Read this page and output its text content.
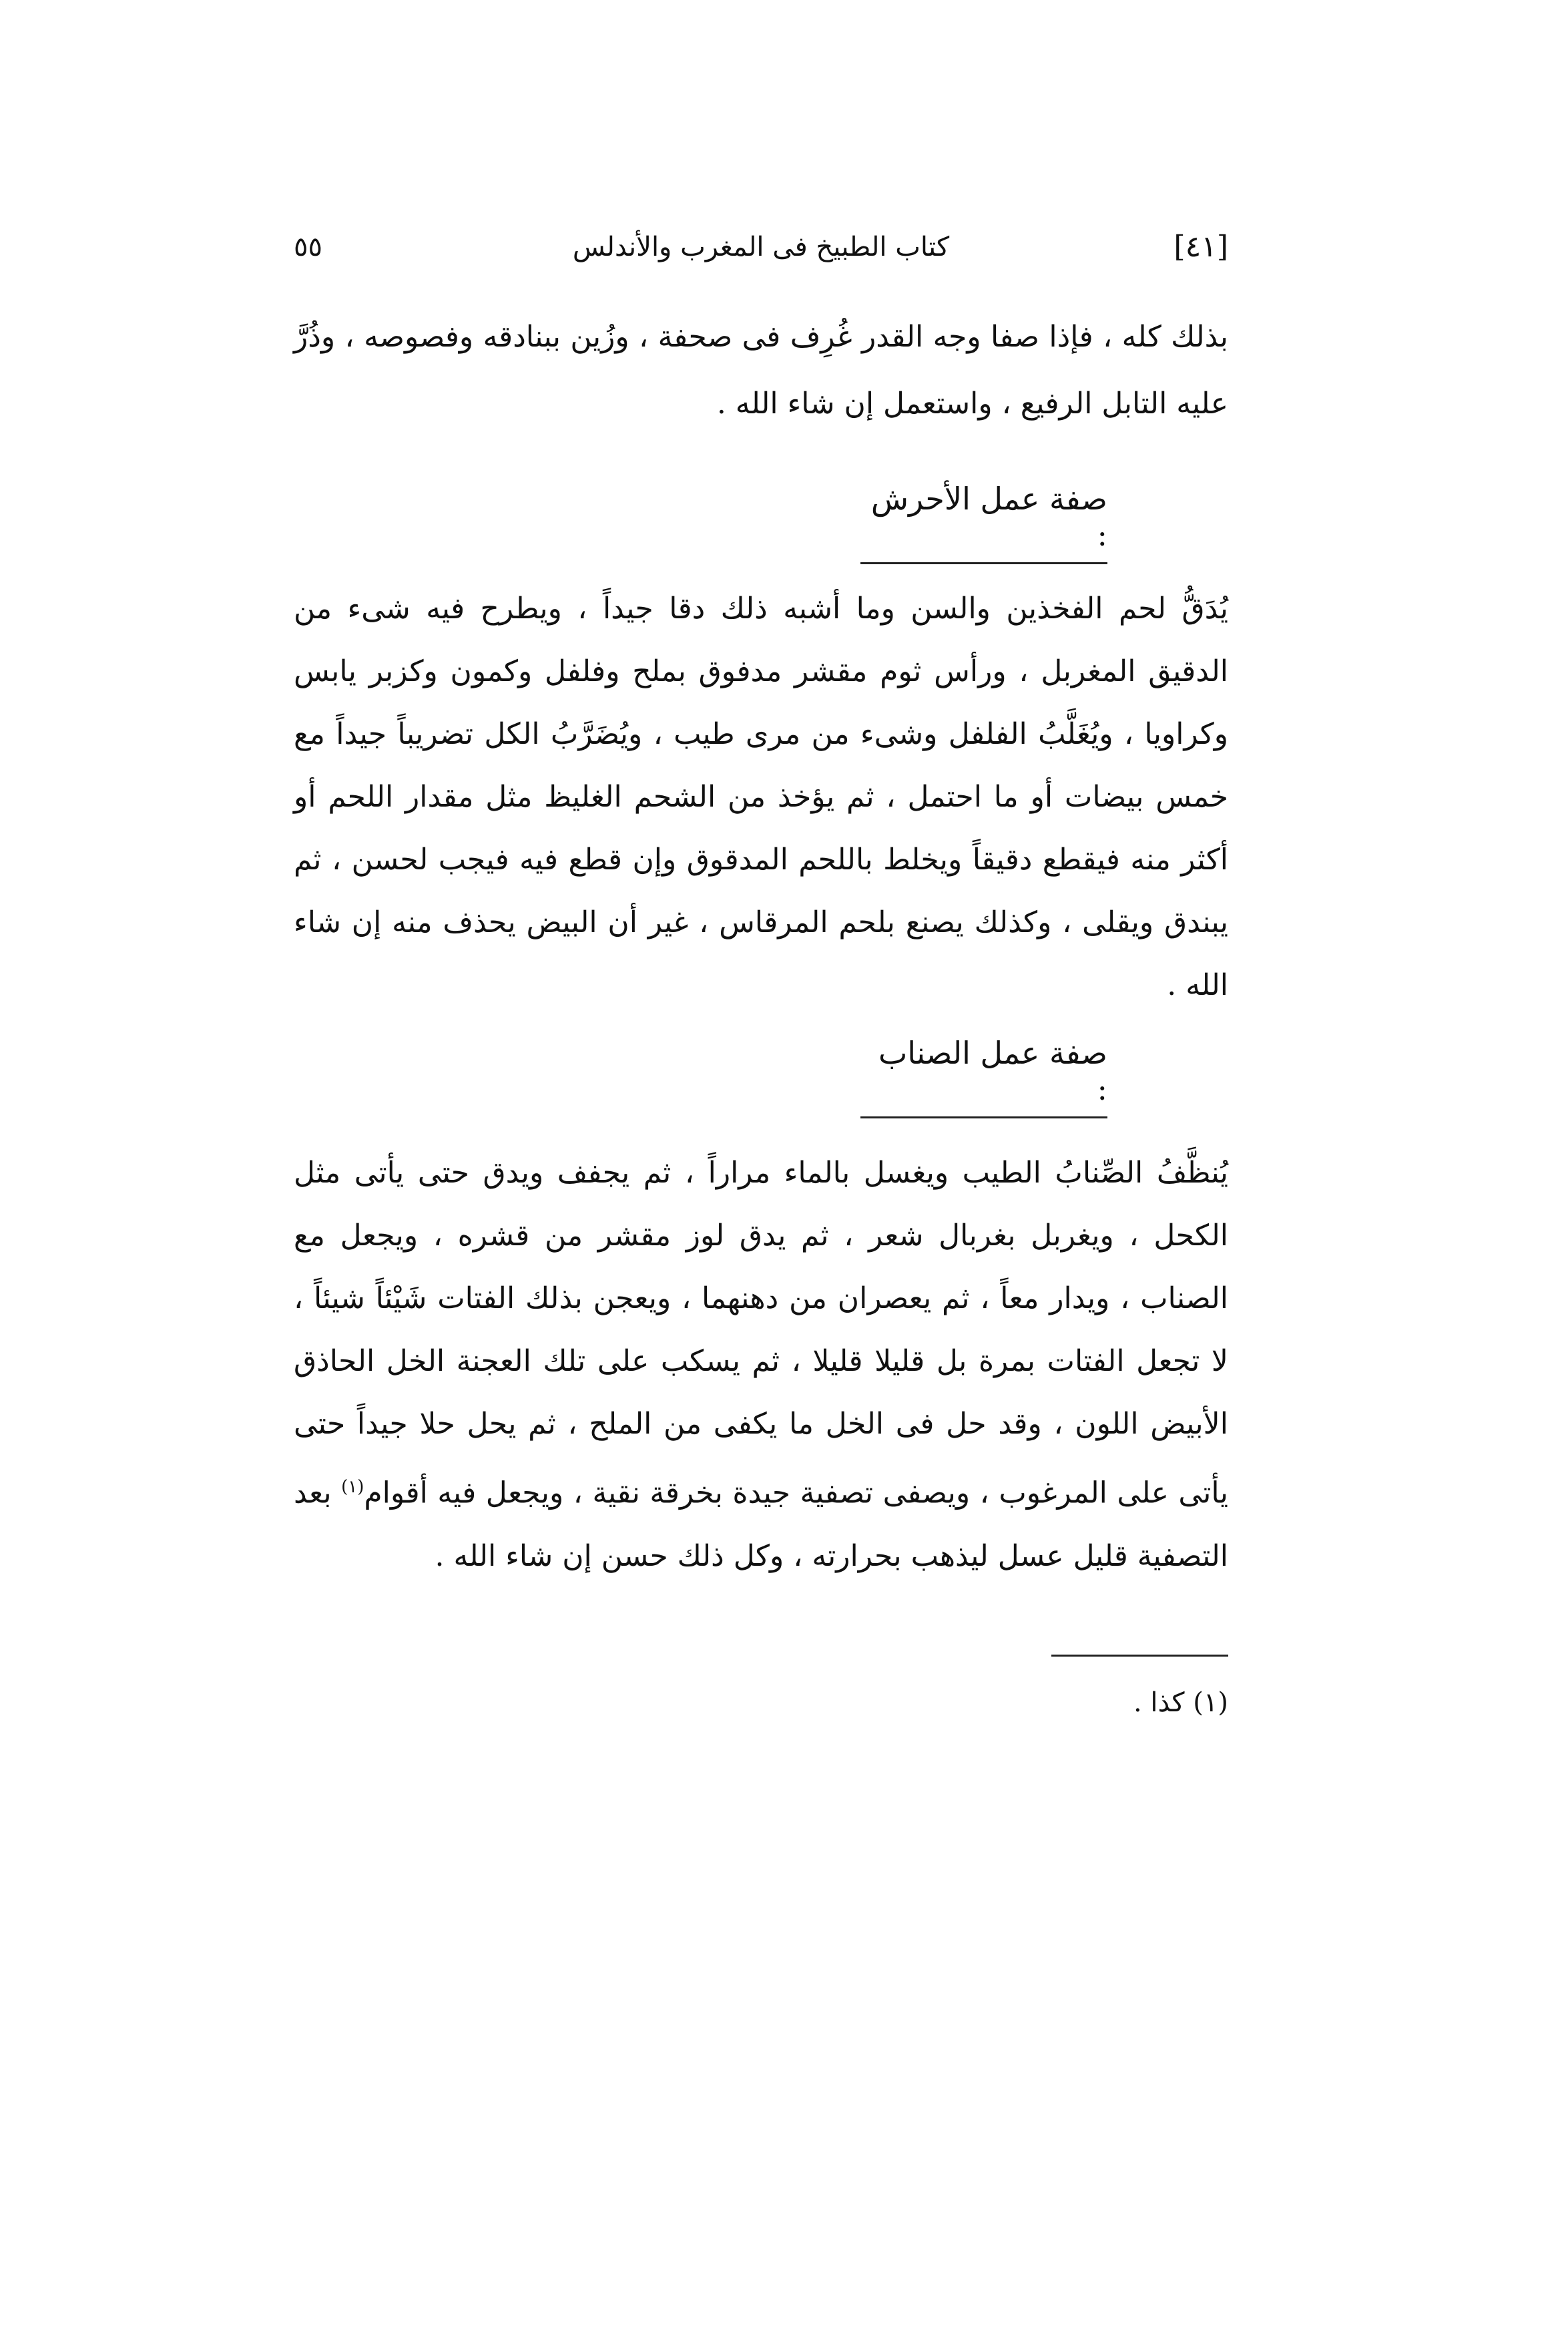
[٤١]
كتاب الطبيخ فى المغرب والأندلس
٥٥

بذلك كله ، فإذا صفا وجه القدر غُرِف فى صحفة ، وزُين ببنادقه وفصوصه ، وذُرَّ عليه التابل الرفيع ، واستعمل إن شاء الله .

صفة عمل الأحرش :

يُدَقُّ لحم الفخذين والسن وما أشبه ذلك دقا جيداً ، ويطرح فيه شىء من الدقيق المغربل ، ورأس ثوم مقشر مدفوق بملح وفلفل وكمون وكزبر يابس وكراويا ، ويُغَلَّبُ الفلفل وشىء من مرى طيب ، ويُضَرَّبُ الكل تضريباً جيداً مع خمس بيضات أو ما احتمل ، ثم يؤخذ من الشحم الغليظ مثل مقدار اللحم أو أكثر منه فيقطع دقيقاً ويخلط باللحم المدقوق وإن قطع فيه فيجب لحسن ، ثم يبندق ويقلى ، وكذلك يصنع بلحم المرقاس ، غير أن البيض يحذف منه إن شاء الله .

صفة عمل الصناب :

يُنظَّفُ الصِّنابُ الطيب ويغسل بالماء مراراً ، ثم يجفف ويدق حتى يأتى مثل الكحل ، ويغربل بغربال شعر ، ثم يدق لوز مقشر من قشره ، ويجعل مع الصناب ، ويدار معاً ، ثم يعصران من دهنهما ، ويعجن بذلك الفتات شَيْئاً شيئاً ، لا تجعل الفتات بمرة بل قليلا قليلا ، ثم يسكب على تلك العجنة الخل الحاذق الأبيض اللون ، وقد حل فى الخل ما يكفى من الملح ، ثم يحل حلا جيداً حتى يأتى على المرغوب ، ويصفى تصفية جيدة بخرقة نقية ، ويجعل فيه أقوام$^{(١)}$ بعد التصفية قليل عسل ليذهب بحرارته ، وكل ذلك حسن إن شاء الله .

(١) كذا .
